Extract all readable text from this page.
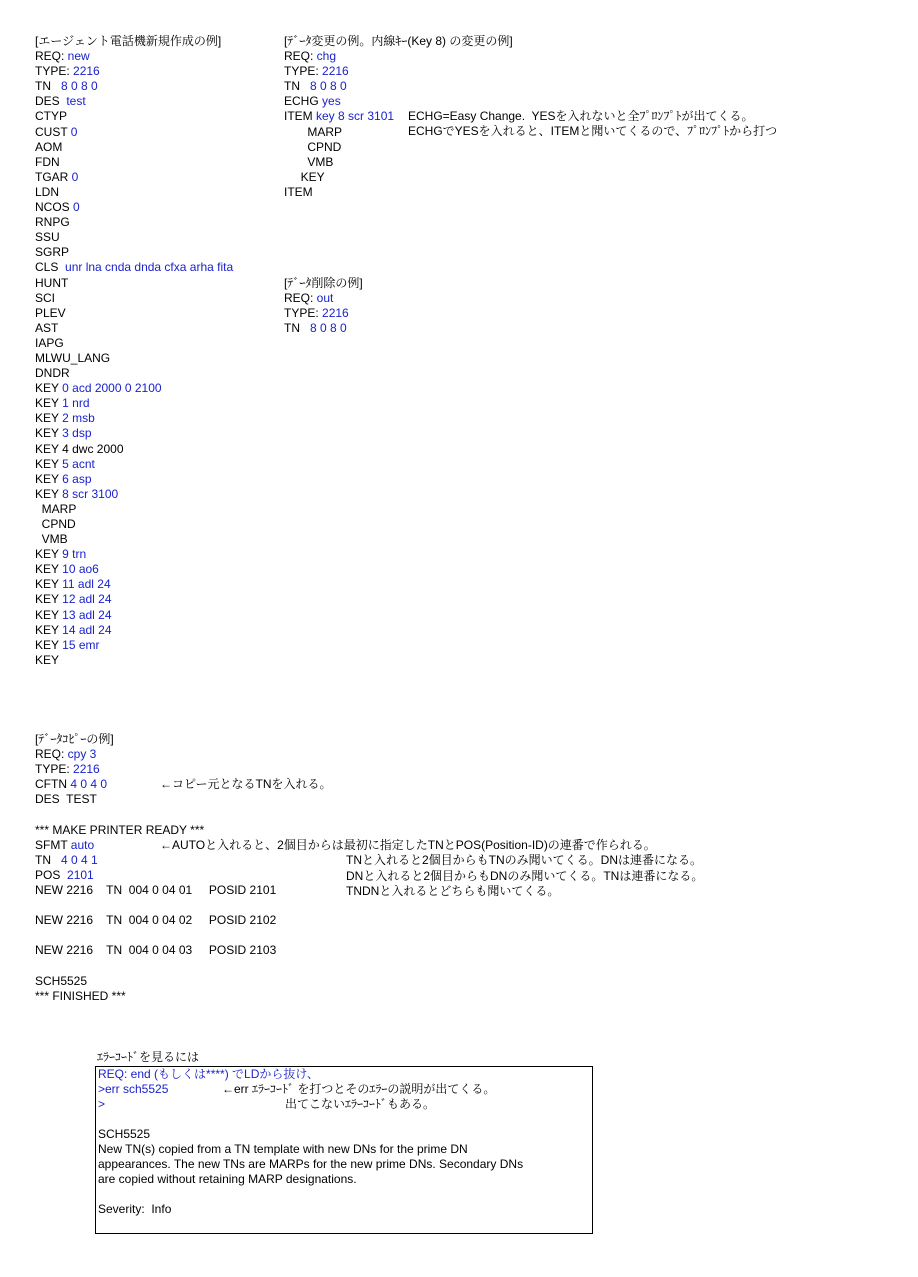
[エージェント電話機新規作成の例]
REQ: new
TYPE: 2216
TN   8 0 8 0
DES  test
CTYP
CUST 0
AOM
FDN
TGAR 0
LDN
NCOS 0
RNPG
SSU
SGRP
CLS  unr lna cnda dnda cfxa arha fita
HUNT
SCI
PLEV
AST
IAPG
MLWU_LANG
DNDR
KEY 0 acd 2000 0 2100
KEY 1 nrd
KEY 2 msb
KEY 3 dsp
KEY 4 dwc 2000
KEY 5 acnt
KEY 6 asp
KEY 8 scr 3100
MARP
CPND
VMB
KEY 9 trn
KEY 10 ao6
KEY 11 adl 24
KEY 12 adl 24
KEY 13 adl 24
KEY 14 adl 24
KEY 15 emr
KEY
[ﾃﾞｰﾀ変更の例。内線ｷｰ(Key 8) の変更の例]
REQ: chg
TYPE: 2216
TN   8 0 8 0
ECHG yes
ITEM key 8 scr 3101
MARP
CPND
VMB
KEY
ITEM
ECHG=Easy Change.  YESを入れないと全ﾌﾟﾛﾝﾌﾟﾄが出てくる。
ECHGでYESを入れると、ITEMと聞いてくるので、ﾌﾟﾛﾝﾌﾟﾄから打つ
[ﾃﾞｰﾀ削除の例]
REQ: out
TYPE: 2216
TN   8 0 8 0
[ﾃﾞｰﾀｺﾋﾟｰの例]
REQ: cpy 3
TYPE: 2216
CFTN 4 0 4 0
DES  TEST
*** MAKE PRINTER READY ***
SFMT auto
TN   4 0 4 1
POS  2101
NEW 2216    TN  004 0 04 01     POSID 2101
NEW 2216    TN  004 0 04 02     POSID 2102
NEW 2216    TN  004 0 04 03     POSID 2103
SCH5525
*** FINISHED ***
←コピー元となるTNを入れる。
←AUTOと入れると、2個目からは最初に指定したTNとPOS(Position-ID)の連番で作られる。
TNと入れると2個目からもTNのみ聞いてくる。DNは連番になる。
DNと入れると2個目からもDNのみ聞いてくる。TNは連番になる。
TNDNと入れるとどちらも聞いてくる。
ｴﾗｰｺｰﾄﾞを見るには
REQ: end (もしくは****) でLDから抜け、
>err sch5525
>
SCH5525
New TN(s) copied from a TN template with new DNs for the prime DN
appearances. The new TNs are MARPs for the new prime DNs. Secondary DNs
are copied without retaining MARP designations.
Severity:  Info
←err ｴﾗｰｺｰﾄﾞ を打つとそのｴﾗｰの説明が出てくる。
出てこないｴﾗｰｺｰﾄﾞもある。
